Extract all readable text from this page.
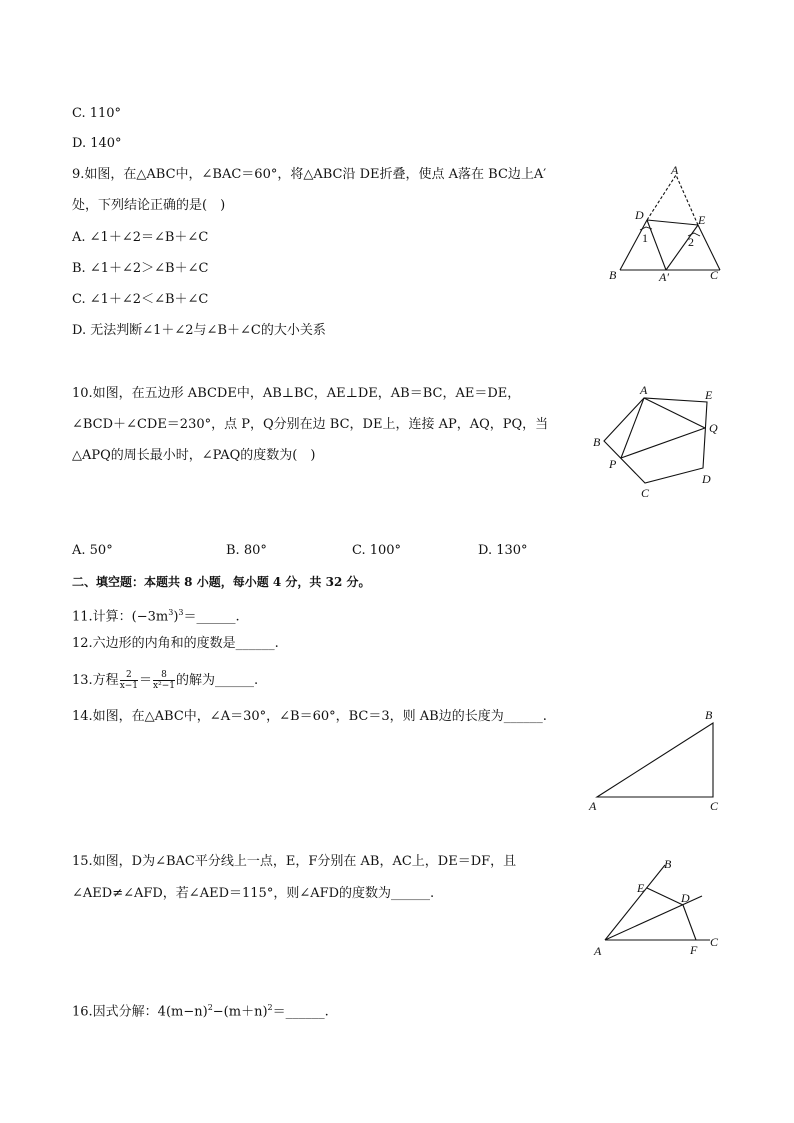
C. 110°
D. 140°
9.如图，在△ABC中，∠BAC＝60°，将△ABC沿 DE折叠，使点 A落在 BC边上A′
处，下列结论正确的是(　)
A. ∠1＋∠2＝∠B＋∠C
B. ∠1＋∠2＞∠B＋∠C
C. ∠1＋∠2＜∠B＋∠C
D. 无法判断∠1＋∠2与∠B＋∠C的大小关系
A
B	C
D	E
A′
1	2
10.如图，在五边形 ABCDE中，AB⊥BC，AE⊥DE，AB＝BC，AE＝DE，
∠BCD＋∠CDE＝230°，点 P，Q分别在边 BC，DE上，连接 AP，AQ，PQ，当
△APQ的周长最小时，∠PAQ的度数为(　)
A. 50°	B. 80°	C. 100°	D. 130°
A
B
C
D
E
P
Q
二、填空题：本题共 8 小题，每小题 4 分，共 32 分。
11.计算：$(-3m^3)^3=\_\_\_\_\_\_$.
12.六边形的内角和的度数是______.
13.方程 $\frac{2}{x-1} = \frac{8}{\text{x²−1}}$ 的解为______.
14.如图，在△ABC中，∠A＝30°，∠B＝60°，BC＝3，则 AB边的长度为______.
A
B
C
15.如图，D为∠BAC平分线上一点，E，F分别在 AB，AC上，DE＝DF，且
∠AED≠∠AFD，若∠AED＝115°，则∠AFD的度数为______.
B
E
D
A	F
C
16.因式分解：$4(m-n)^2-(m+n)^2=\_\_\_\_\_\_$.
